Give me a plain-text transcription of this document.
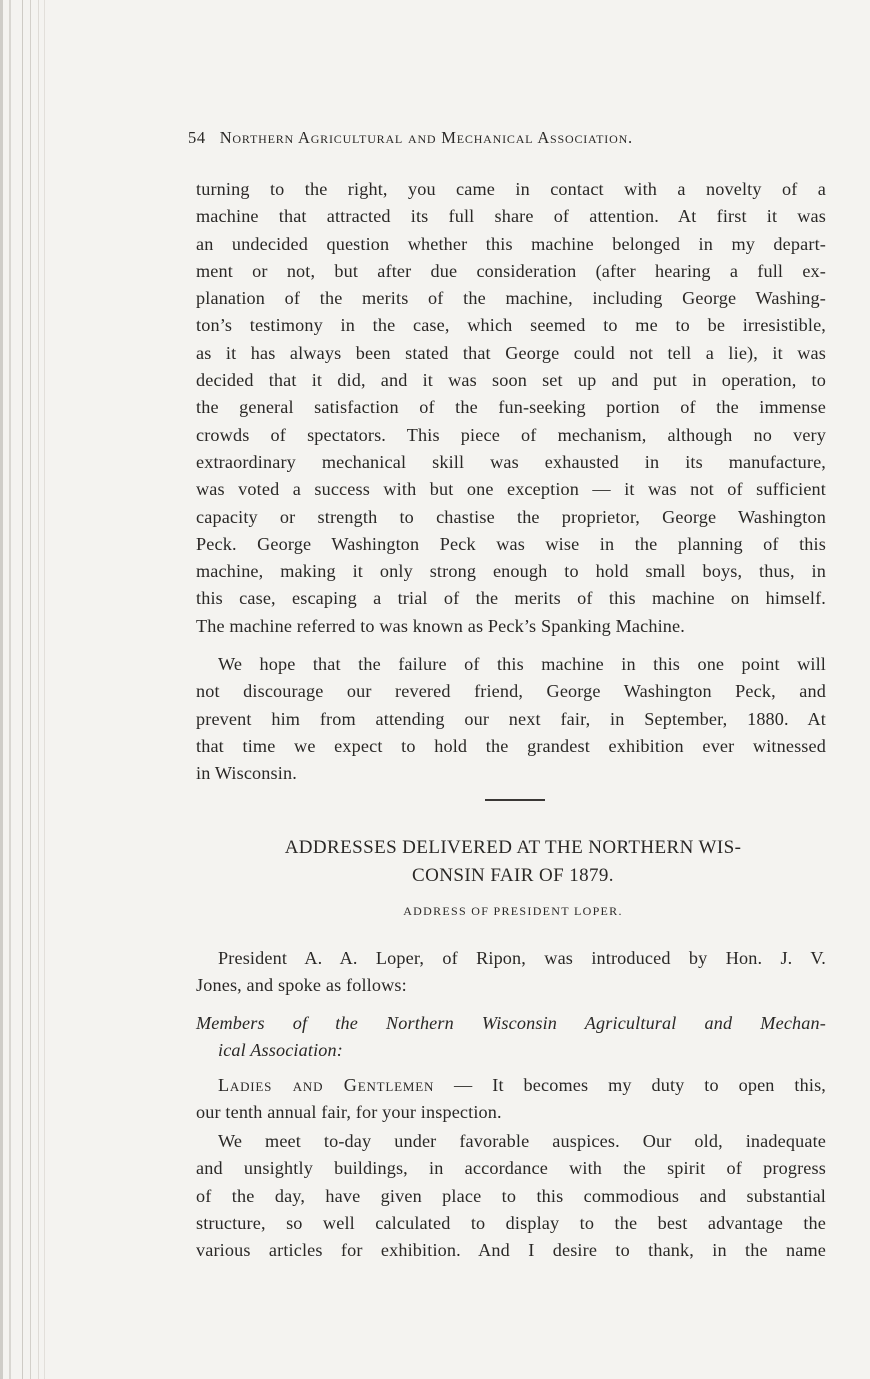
54 Northern Agricultural and Mechanical Association.
turning to the right, you came in contact with a novelty of a
machine that attracted its full share of attention. At first it was
an undecided question whether this machine belonged in my depart-
ment or not, but after due consideration (after hearing a full ex-
planation of the merits of the machine, including George Washing-
ton’s testimony in the case, which seemed to me to be irresistible,
as it has always been stated that George could not tell a lie), it was
decided that it did, and it was soon set up and put in operation, to
the general satisfaction of the fun-seeking portion of the immense
crowds of spectators. This piece of mechanism, although no very
extraordinary mechanical skill was exhausted in its manufacture,
was voted a success with but one exception — it was not of sufficient
capacity or strength to chastise the proprietor, George Washington
Peck. George Washington Peck was wise in the planning of this
machine, making it only strong enough to hold small boys, thus, in
this case, escaping a trial of the merits of this machine on himself.
The machine referred to was known as Peck’s Spanking Machine.
We hope that the failure of this machine in this one point will
not discourage our revered friend, George Washington Peck, and
prevent him from attending our next fair, in September, 1880. At
that time we expect to hold the grandest exhibition ever witnessed
in Wisconsin.
ADDRESSES DELIVERED AT THE NORTHERN WIS-
CONSIN FAIR OF 1879.
ADDRESS OF PRESIDENT LOPER.
President A. A. Loper, of Ripon, was introduced by Hon. J. V.
Jones, and spoke as follows:
Members of the Northern Wisconsin Agricultural and Mechan-
ical Association:
Ladies and Gentlemen — It becomes my duty to open this,
our tenth annual fair, for your inspection.
We meet to-day under favorable auspices. Our old, inadequate
and unsightly buildings, in accordance with the spirit of progress
of the day, have given place to this commodious and substantial
structure, so well calculated to display to the best advantage the
various articles for exhibition. And I desire to thank, in the name
